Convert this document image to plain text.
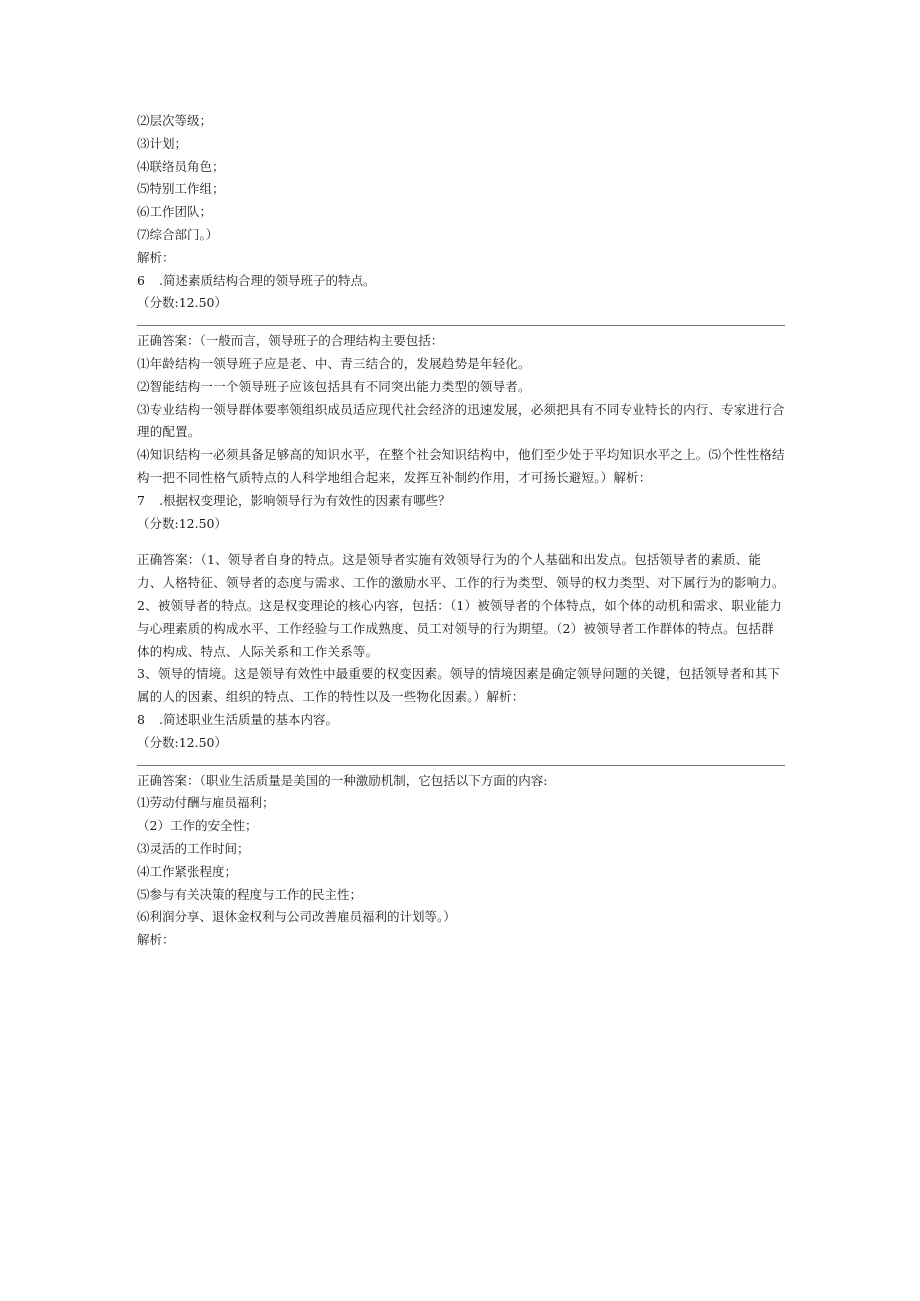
⑵层次等级；
⑶计划；
⑷联络员角色；
⑸特别工作组；
⑹工作团队；
⑺综合部门。）
解析：
6 .简述素质结构合理的领导班子的特点。
（分数:12.50）
正确答案：（一般而言，领导班子的合理结构主要包括：
⑴年龄结构一领导班子应是老、中、青三结合的，发展趋势是年轻化。
⑵智能结构一一个领导班子应该包括具有不同突出能力类型的领导者。
⑶专业结构一领导群体要率领组织成员适应现代社会经济的迅速发展，必须把具有不同专业特长的内行、专家进行合理的配置。
⑷知识结构一必须具备足够高的知识水平，在整个社会知识结构中，他们至少处于平均知识水平之上。⑸个性性格结构一把不同性格气质特点的人科学地组合起来，发挥互补制约作用，才可扬长避短。）解析：
7 .根据权变理论，影响领导行为有效性的因素有哪些？
（分数:12.50）
正确答案：（1、领导者自身的特点。这是领导者实施有效领导行为的个人基础和出发点。包括领导者的素质、能力、人格特征、领导者的态度与需求、工作的激励水平、工作的行为类型、领导的权力类型、对下属行为的影响力。
2、被领导者的特点。这是权变理论的核心内容，包括：（1）被领导者的个体特点，如个体的动机和需求、职业能力与心理素质的构成水平、工作经验与工作成熟度、员工对领导的行为期望。（2）被领导者工作群体的特点。包括群体的构成、特点、人际关系和工作关系等。
3、领导的情境。这是领导有效性中最重要的权变因素。领导的情境因素是确定领导问题的关键，包括领导者和其下属的人的因素、组织的特点、工作的特性以及一些物化因素。）解析：
8 .简述职业生活质量的基本内容。
（分数:12.50）
正确答案：（职业生活质量是美国的一种激励机制，它包括以下方面的内容:
⑴劳动付酬与雇员福利；
（2）工作的安全性；
⑶灵活的工作时间；
⑷工作紧张程度；
⑸参与有关决策的程度与工作的民主性；
⑹利润分享、退休金权利与公司改善雇员福利的计划等。）
解析：
